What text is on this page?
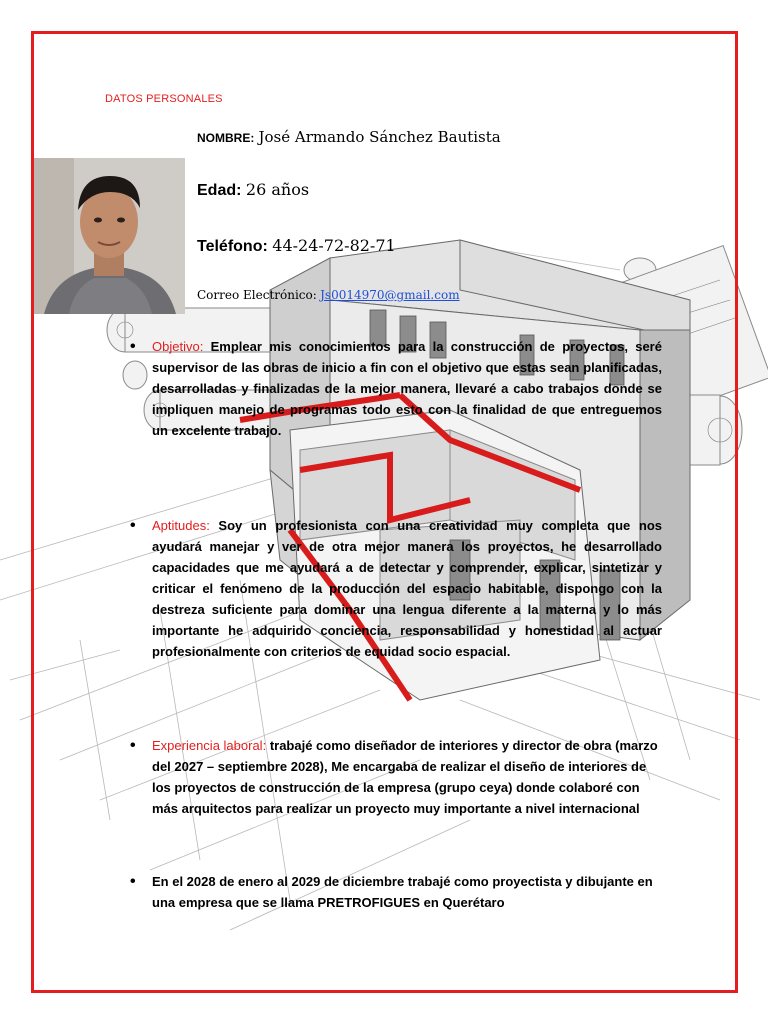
DATOS PERSONALES
NOMBRE: José Armando Sánchez Bautista
Edad: 26 años
Teléfono: 44-24-72-82-71
Correo Electrónico: Js0014970@gmail.com
• Objetivo: Emplear mis conocimientos para la construcción de proyectos, seré supervisor de las obras de inicio a fin con el objetivo que estas sean planificadas, desarrolladas y finalizadas de la mejor manera, llevaré a cabo trabajos donde se impliquen manejo de programas todo esto con la finalidad de que entreguemos un excelente trabajo.
• Aptitudes: Soy un profesionista con una creatividad muy completa que nos ayudará manejar y ver de otra mejor manera los proyectos, he desarrollado capacidades que me ayudará a de detectar y comprender, explicar, sintetizar y criticar el fenómeno de la producción del espacio habitable, dispongo con la destreza suficiente para dominar una lengua diferente a la materna y lo más importante he adquirido conciencia, responsabilidad y honestidad al actuar profesionalmente con criterios de equidad socio espacial.
• Experiencia laboral: trabajé como diseñador de interiores y director de obra (marzo del 2027 – septiembre 2028), Me encargaba de realizar el diseño de interiores de los proyectos de construcción de la empresa (grupo ceya) donde colaboré con más arquitectos para realizar un proyecto muy importante a nivel internacional
• En el 2028 de enero al 2029 de diciembre trabajé como proyectista y dibujante en una empresa que se llama PRETROFIGUES en Querétaro
